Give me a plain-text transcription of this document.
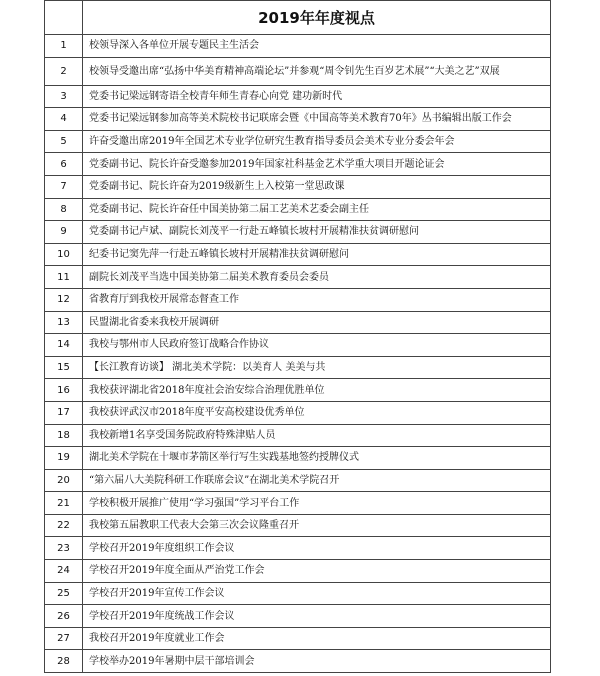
	2019年年度视点
1	校领导深入各单位开展专题民主生活会
2	校领导受邀出席“弘扬中华美育精神高端论坛”并参观“周令钊先生百岁艺术展”“大美之艺”双展
3	党委书记梁远钢寄语全校青年师生青春心向党 建功新时代
4	党委书记梁远钢参加高等美术院校书记联席会暨《中国高等美术教育70年》丛书编辑出版工作会
5	许奋受邀出席2019年全国艺术专业学位研究生教育指导委员会美术专业分委会年会
6	党委副书记、院长许奋受邀参加2019年国家社科基金艺术学重大项目开题论证会
7	党委副书记、院长许奋为2019级新生上入校第一堂思政课
8	党委副书记、院长许奋任中国美协第二届工艺美术艺委会副主任
9	党委副书记卢斌、副院长刘茂平一行赴五峰镇长坡村开展精准扶贫调研慰问
10	纪委书记窦先萍一行赴五峰镇长坡村开展精准扶贫调研慰问
11	副院长刘茂平当选中国美协第二届美术教育委员会委员
12	省教育厅到我校开展常态督查工作
13	民盟湖北省委来我校开展调研
14	我校与鄂州市人民政府签订战略合作协议
15	【长江教育访谈】 湖北美术学院：以美育人 美美与共
16	我校获评湖北省2018年度社会治安综合治理优胜单位
17	我校获评武汉市2018年度平安高校建设优秀单位
18	我校新增1名享受国务院政府特殊津贴人员
19	湖北美术学院在十堰市茅箭区举行写生实践基地签约授牌仪式
20	“第六届八大美院科研工作联席会议”在湖北美术学院召开
21	学校积极开展推广使用“学习强国”学习平台工作
22	我校第五届教职工代表大会第三次会议隆重召开
23	学校召开2019年度组织工作会议
24	学校召开2019年度全面从严治党工作会
25	学校召开2019年宣传工作会议
26	学校召开2019年度统战工作会议
27	我校召开2019年度就业工作会
28	学校举办2019年暑期中层干部培训会
